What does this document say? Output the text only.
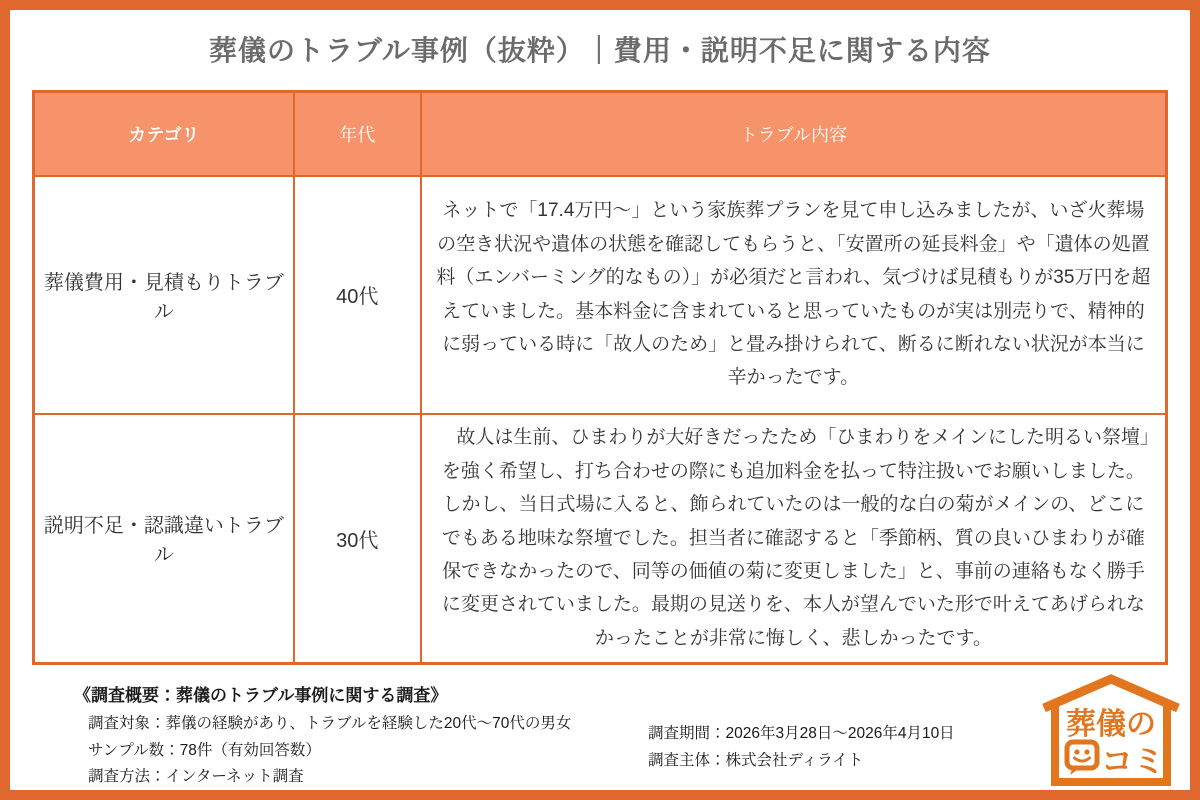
葬儀のトラブル事例（抜粋）｜費用・説明不足に関する内容
カテゴリ	年代	トラブル内容
葬儀費用・見積もりトラブル	40代	ネットで「17.4万円〜」という家族葬プランを見て申し込みましたが、いざ火葬場の空き状況や遺体の状態を確認してもらうと、「安置所の延長料金」や「遺体の処置料（エンバーミング的なもの）」が必須だと言われ、気づけば見積もりが35万円を超えていました。基本料金に含まれていると思っていたものが実は別売りで、精神的に弱っている時に「故人のため」と畳み掛けられて、断るに断れない状況が本当に辛かったです。
説明不足・認識違いトラブル	30代	　故人は生前、ひまわりが大好きだったため「ひまわりをメインにした明るい祭壇」を強く希望し、打ち合わせの際にも追加料金を払って特注扱いでお願いしました。しかし、当日式場に入ると、飾られていたのは一般的な白の菊がメインの、どこにでもある地味な祭壇でした。担当者に確認すると「季節柄、質の良いひまわりが確保できなかったので、同等の価値の菊に変更しました」と、事前の連絡もなく勝手に変更されていました。最期の見送りを、本人が望んでいた形で叶えてあげられなかったことが非常に悔しく、悲しかったです。
《調査概要：葬儀のトラブル事例に関する調査》
調査対象：葬儀の経験があり、トラブルを経験した20代～70代の男女
サンプル数：78件（有効回答数）
調査方法：インターネット調査
調査期間：2026年3月28日～2026年4月10日
調査主体：株式会社ディライト
葬儀の
コミ
